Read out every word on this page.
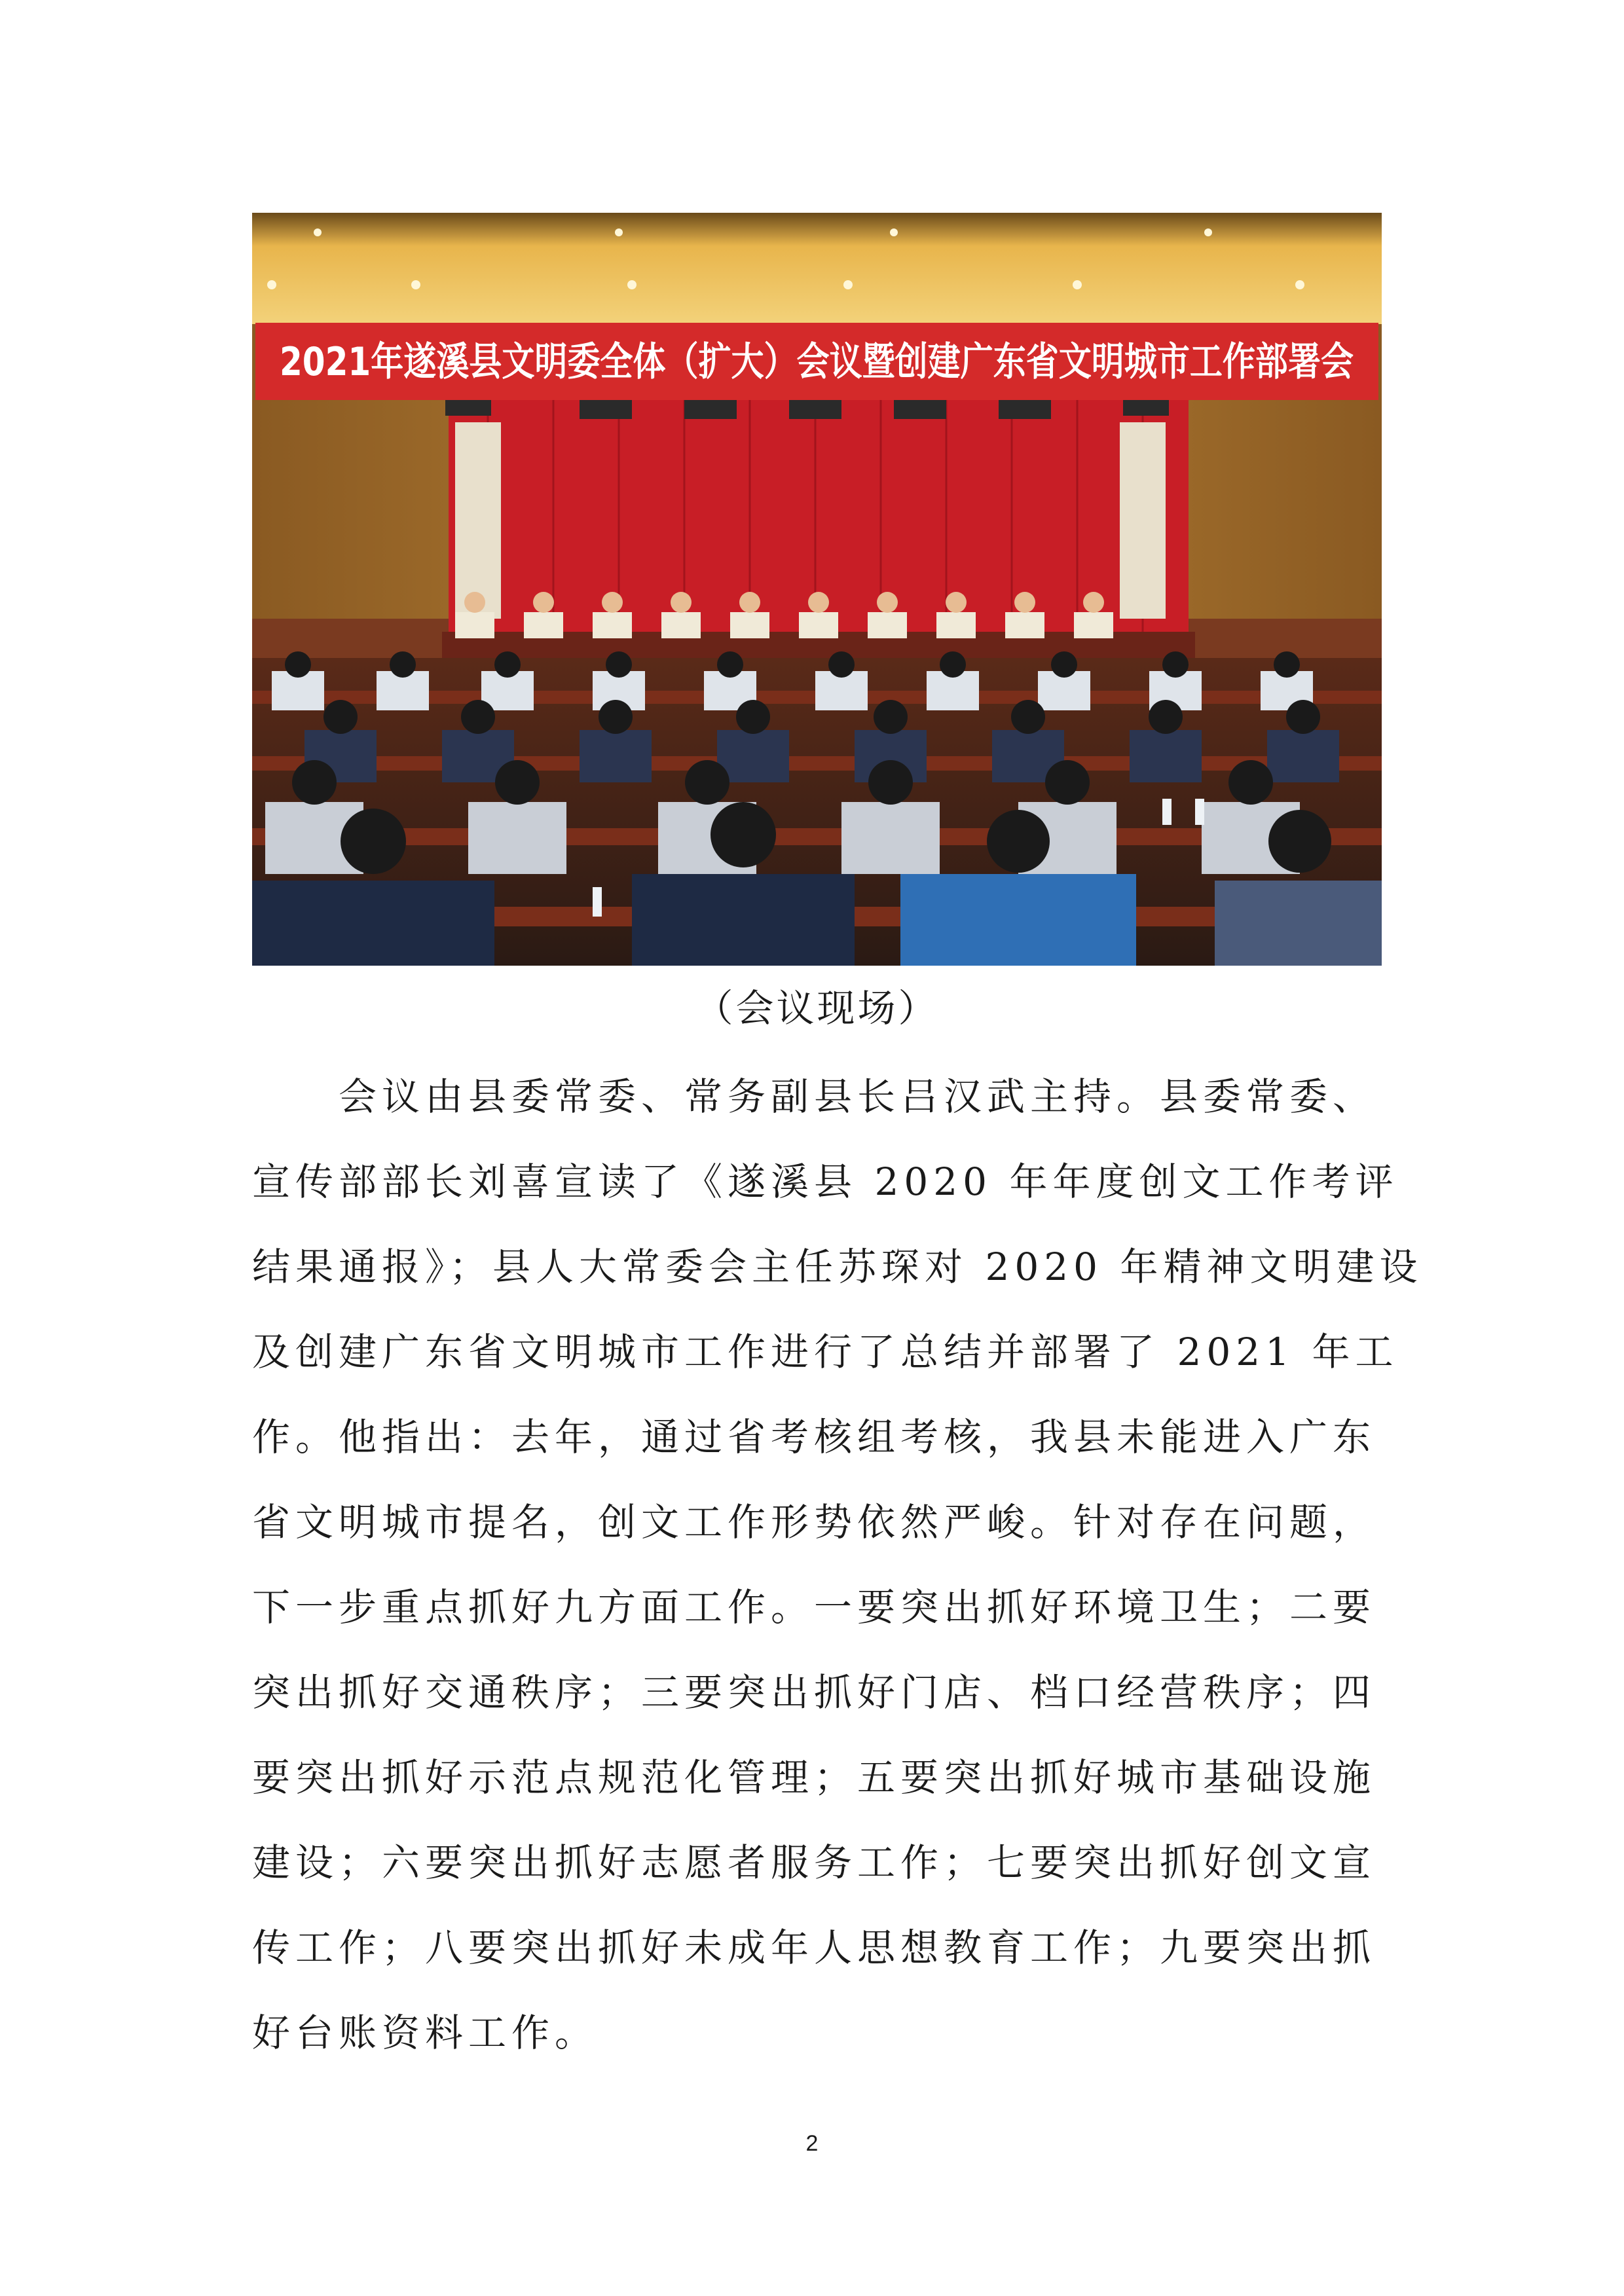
2021年遂溪县文明委全体（扩大）会议暨创建广东省文明城市工作部署会
（会议现场）
　　会议由县委常委、常务副县长吕汉武主持。县委常委、
宣传部部长刘喜宣读了《遂溪县 2020 年年度创文工作考评
结果通报》；县人大常委会主任苏琛对 2020 年精神文明建设
及创建广东省文明城市工作进行了总结并部署了 2021 年工
作。他指出：去年，通过省考核组考核，我县未能进入广东
省文明城市提名，创文工作形势依然严峻。针对存在问题，
下一步重点抓好九方面工作。一要突出抓好环境卫生；二要
突出抓好交通秩序；三要突出抓好门店、档口经营秩序；四
要突出抓好示范点规范化管理；五要突出抓好城市基础设施
建设；六要突出抓好志愿者服务工作；七要突出抓好创文宣
传工作；八要突出抓好未成年人思想教育工作；九要突出抓
好台账资料工作。
2
